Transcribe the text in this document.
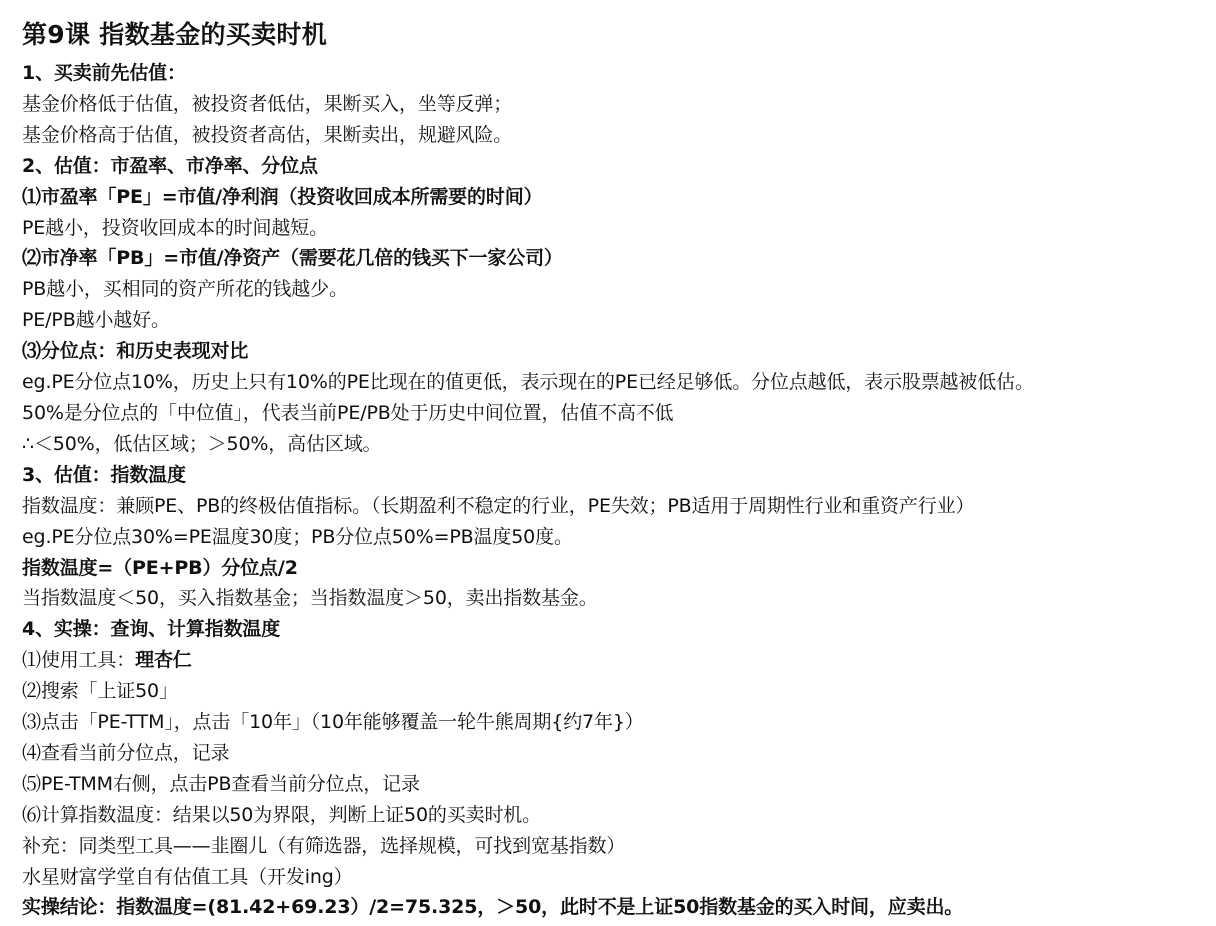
第9课 指数基金的买卖时机

1、买卖前先估值：

基金价格低于估值，被投资者低估，果断买入，坐等反弹；

基金价格高于估值，被投资者高估，果断卖出，规避风险。

2、估值：市盈率、市净率、分位点

⑴市盈率「PE」=市值/净利润（投资收回成本所需要的时间）

PE越小，投资收回成本的时间越短。

⑵市净率「PB」=市值/净资产（需要花几倍的钱买下一家公司）

PB越小，买相同的资产所花的钱越少。

PE/PB越小越好。

⑶分位点：和历史表现对比

eg.PE分位点10%，历史上只有10%的PE比现在的值更低，表示现在的PE已经足够低。分位点越低，表示股票越被低估。

50%是分位点的「中位值」，代表当前PE/PB处于历史中间位置，估值不高不低

∴＜50%，低估区域；＞50%，高估区域。

3、估值：指数温度

指数温度：兼顾PE、PB的终极估值指标。（长期盈利不稳定的行业，PE失效；PB适用于周期性行业和重资产行业）

eg.PE分位点30%=PE温度30度；PB分位点50%=PB温度50度。

指数温度=（PE+PB）分位点/2

当指数温度＜50，买入指数基金；当指数温度＞50，卖出指数基金。

4、实操：查询、计算指数温度

⑴使用工具：理杏仁

⑵搜索「上证50」

⑶点击「PE-TTM」，点击「10年」（10年能够覆盖一轮牛熊周期{约7年}）

⑷查看当前分位点，记录

⑸PE-TMM右侧，点击PB查看当前分位点，记录

⑹计算指数温度：结果以50为界限，判断上证50的买卖时机。

补充：同类型工具——韭圈儿（有筛选器，选择规模，可找到宽基指数）

水星财富学堂自有估值工具（开发ing）

实操结论：指数温度=(81.42+69.23）/2=75.325，＞50，此时不是上证50指数基金的买入时间，应卖出。
